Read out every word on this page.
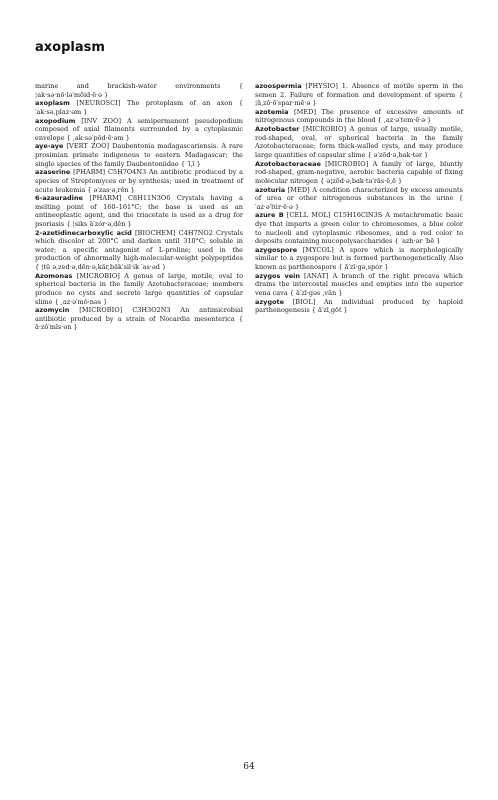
axoplasm
marine and brackish-water environments	{ ¦ak·sə·nō·lə′mōid·ē·ə }
axoplasm [NEUROSCI] The protoplasm of an axon { ′ak·sə,plaz·əm }
axopodium [INV ZOO] A semipermanent pseudopodium composed of axial filaments surrounded by a cytoplasmic envelope { ,ak·sə′pōd·ē·əm }
aye-aye [VERT ZOO] Daubentonia madagascariensis. A rare prosimian primate indigenous to eastern Madagascar; the single species of the family Daubentoniidae { ′ī,ī }
azaserine [PHARM] C5H7O4N3 An antibiotic produced by a species of Streptomyces or by synthesis; used in treatment of acute leukemia { ə′zas·ə,rēn }
6-azauradine [PHARM] C8H11N3O6 Crystals having a melting point of 160–161°C; the base is used as an antineoplastic agent, and the triacetate is used as a drug for psoriasis { ¦siks ā′zór·ə,dēn }
2-azetidinecarboxylic acid [BIOCHEM] C4H7NO2 Crystals which discolor at 200°C and darken until 310°C; soluble in water; a specific antagonist of L-proline; used in the production of abnormally high-molecular-weight polypeptides { ¦tü ə,zed·ə,dēn·ə,kär,bäk′sil·ik ′as·əd }
Azomonas [MICROBIO] A genus of large, motile, oval to spherical bacteria in the family Azotobacteraceae; members produce no cysts and secrete large quantities of capsular slime { ,az·ə′mō·nəs }
azomycin [MICROBIO] C3H3O2N3 An antimicrobial antibiotic produced by a strain of Nocardia mesenterica { ā·zō′mīs·ən }
azoospermia [PHYSIO] 1. Absence of motile sperm in the semen 2. Failure of formation and development of sperm { ¦ā,zō·ō′spar·mē·ə }
azotemia [MED] The presence of excessive amounts of nitrogenous compounds in the blood { ,az·ə′tem·ē·ə }
Azotobacter [MICROBIO] A genus of large, usually motile, rod-shaped, oval, or spherical bacteria in the family Azotobacteraceae; form thick-walled cysts, and may produce large quantities of capsular slime { ə′zōd·ə,bak·tər }
Azotobacteraceae [MICROBIO] A family of large, bluntly rod-shaped, gram-negative, aerobic bacteria capable of fixing molecular nitrogen { ə¦zōd·ə,bak·tə′rās·ē,ē }
azoturia [MED] A condition characterized by excess amounts of urea or other nitrogenous substances in the urine { ′az·ə′tür·ē·ə }
azure B [CELL MOL] C15H16ClN3S A metachromatic basic dye that imparts a green color to chromosomes, a blue color to nucleoli and cytoplasmic ribosomes, and a red color to deposits containing mucopolysaccharides { ′azh·ər ′bē }
azygospore [MYCOL] A spore which is morphologically similar to a zygospore but is formed parthenogenetically Also known as parthenospore { ā′zī·gə,spór }
azygos vein [ANAT] A branch of the right precava which drains the intercostal muscles and empties into the superior vena cava { ā′zī·gəs ,vān }
azygote [BIOL] An individual produced by haploid parthenogenesis { ā′zī,gōt }
64
